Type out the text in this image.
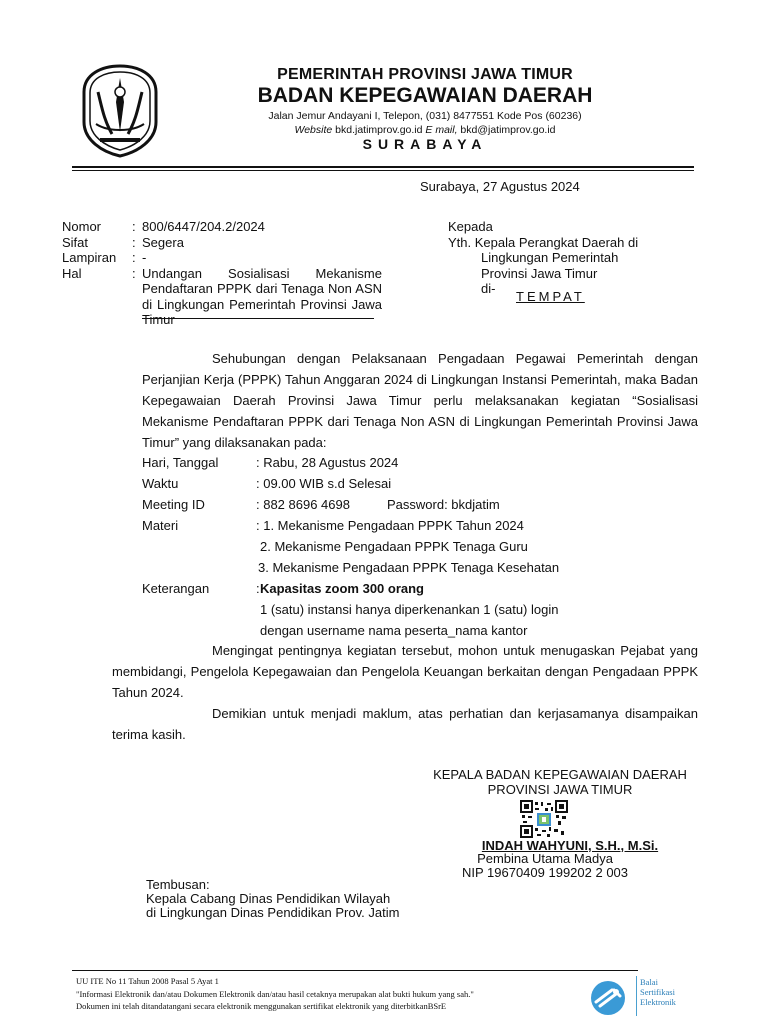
PEMERINTAH PROVINSI JAWA TIMUR
BADAN KEPEGAWAIAN DAERAH
Jalan Jemur Andayani I, Telepon, (031) 8477551 Kode Pos (60236)
Website bkd.jatimprov.go.id E mail, bkd@jatimprov.go.id
SURABAYA
Surabaya, 27 Agustus 2024
Nomor	: 800/6447/204.2/2024
Sifat	: Segera
Lampiran	: -
Hal	: Undangan Sosialisasi Mekanisme Pendaftaran PPPK dari Tenaga Non ASN di Lingkungan Pemerintah Provinsi Jawa Timur
Kepada
Yth. Kepala Perangkat Daerah di
Lingkungan Pemerintah
Provinsi Jawa Timur
di-
TEMPAT
Sehubungan dengan Pelaksanaan Pengadaan Pegawai Pemerintah dengan Perjanjian Kerja (PPPK) Tahun Anggaran 2024 di Lingkungan Instansi Pemerintah, maka Badan Kepegawaian Daerah Provinsi Jawa Timur perlu melaksanakan kegiatan “Sosialisasi Mekanisme Pendaftaran PPPK dari Tenaga Non ASN di Lingkungan Pemerintah Provinsi Jawa Timur” yang dilaksanakan pada:
Hari, Tanggal	: Rabu, 28 Agustus 2024
Waktu	: 09.00 WIB s.d Selesai
Meeting ID	: 882 8696 4698	Password: bkdjatim
Materi	: 1. Mekanisme Pengadaan PPPK Tahun 2024
2. Mekanisme Pengadaan PPPK Tenaga Guru
3. Mekanisme Pengadaan PPPK Tenaga Kesehatan
Keterangan	: Kapasitas zoom 300 orang
1 (satu) instansi hanya diperkenankan 1 (satu) login
dengan username nama peserta_nama kantor
Mengingat pentingnya kegiatan tersebut, mohon untuk menugaskan Pejabat yang membidangi, Pengelola Kepegawaian dan Pengelola Keuangan berkaitan dengan Pengadaan PPPK Tahun 2024.
Demikian untuk menjadi maklum, atas perhatian dan kerjasamanya disampaikan terima kasih.
KEPALA BADAN KEPEGAWAIAN DAERAH
PROVINSI JAWA TIMUR
INDAH WAHYUNI, S.H., M.Si.
Pembina Utama Madya
NIP 19670409 199202 2 003
Tembusan:
Kepala Cabang Dinas Pendidikan Wilayah
di Lingkungan Dinas Pendidikan Prov. Jatim
UU ITE No 11 Tahun 2008 Pasal 5 Ayat 1
"Informasi Elektronik dan/atau Dokumen Elektronik dan/atau hasil cetaknya merupakan alat bukti hukum yang sah."
Dokumen ini telah ditandatangani secara elektronik menggunakan sertifikat elektronik yang diterbitkanBSrE
Balai
Sertifikasi
Elektronik
